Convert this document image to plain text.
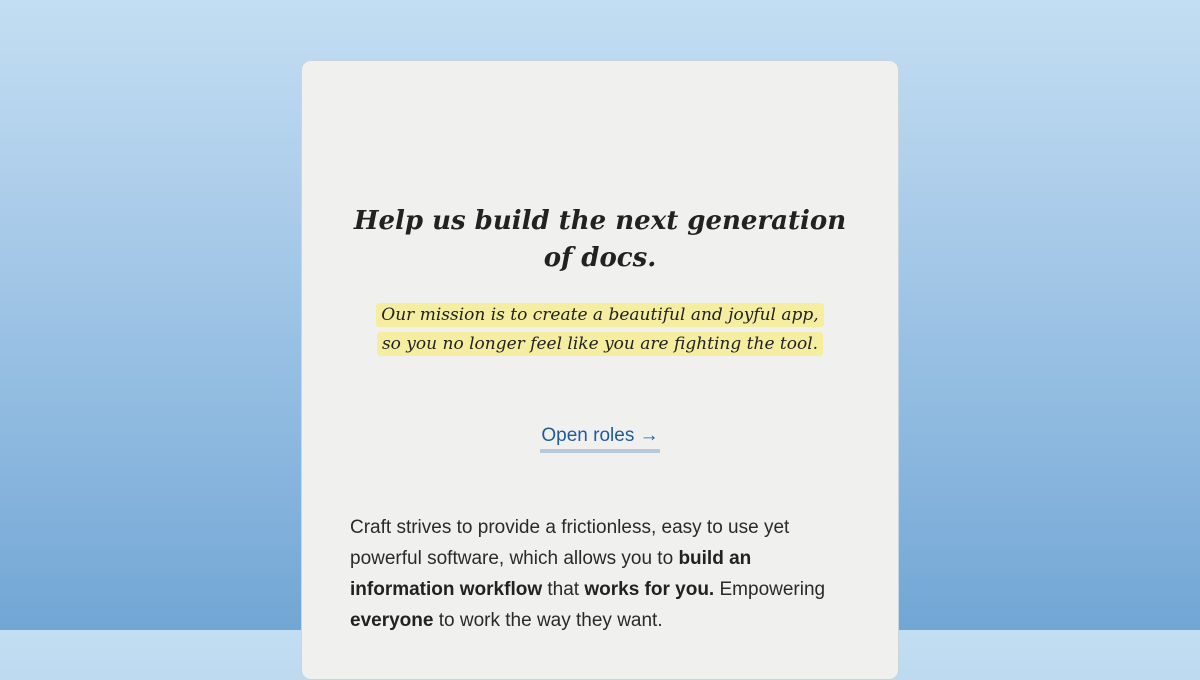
Help us build the next generation of docs.

Our mission is to create a beautiful and joyful app,
so you no longer feel like you are fighting the tool.

Open roles →

Craft strives to provide a frictionless, easy to use yet powerful software, which allows you to build an information workflow that works for you. Empowering everyone to work the way they want.
